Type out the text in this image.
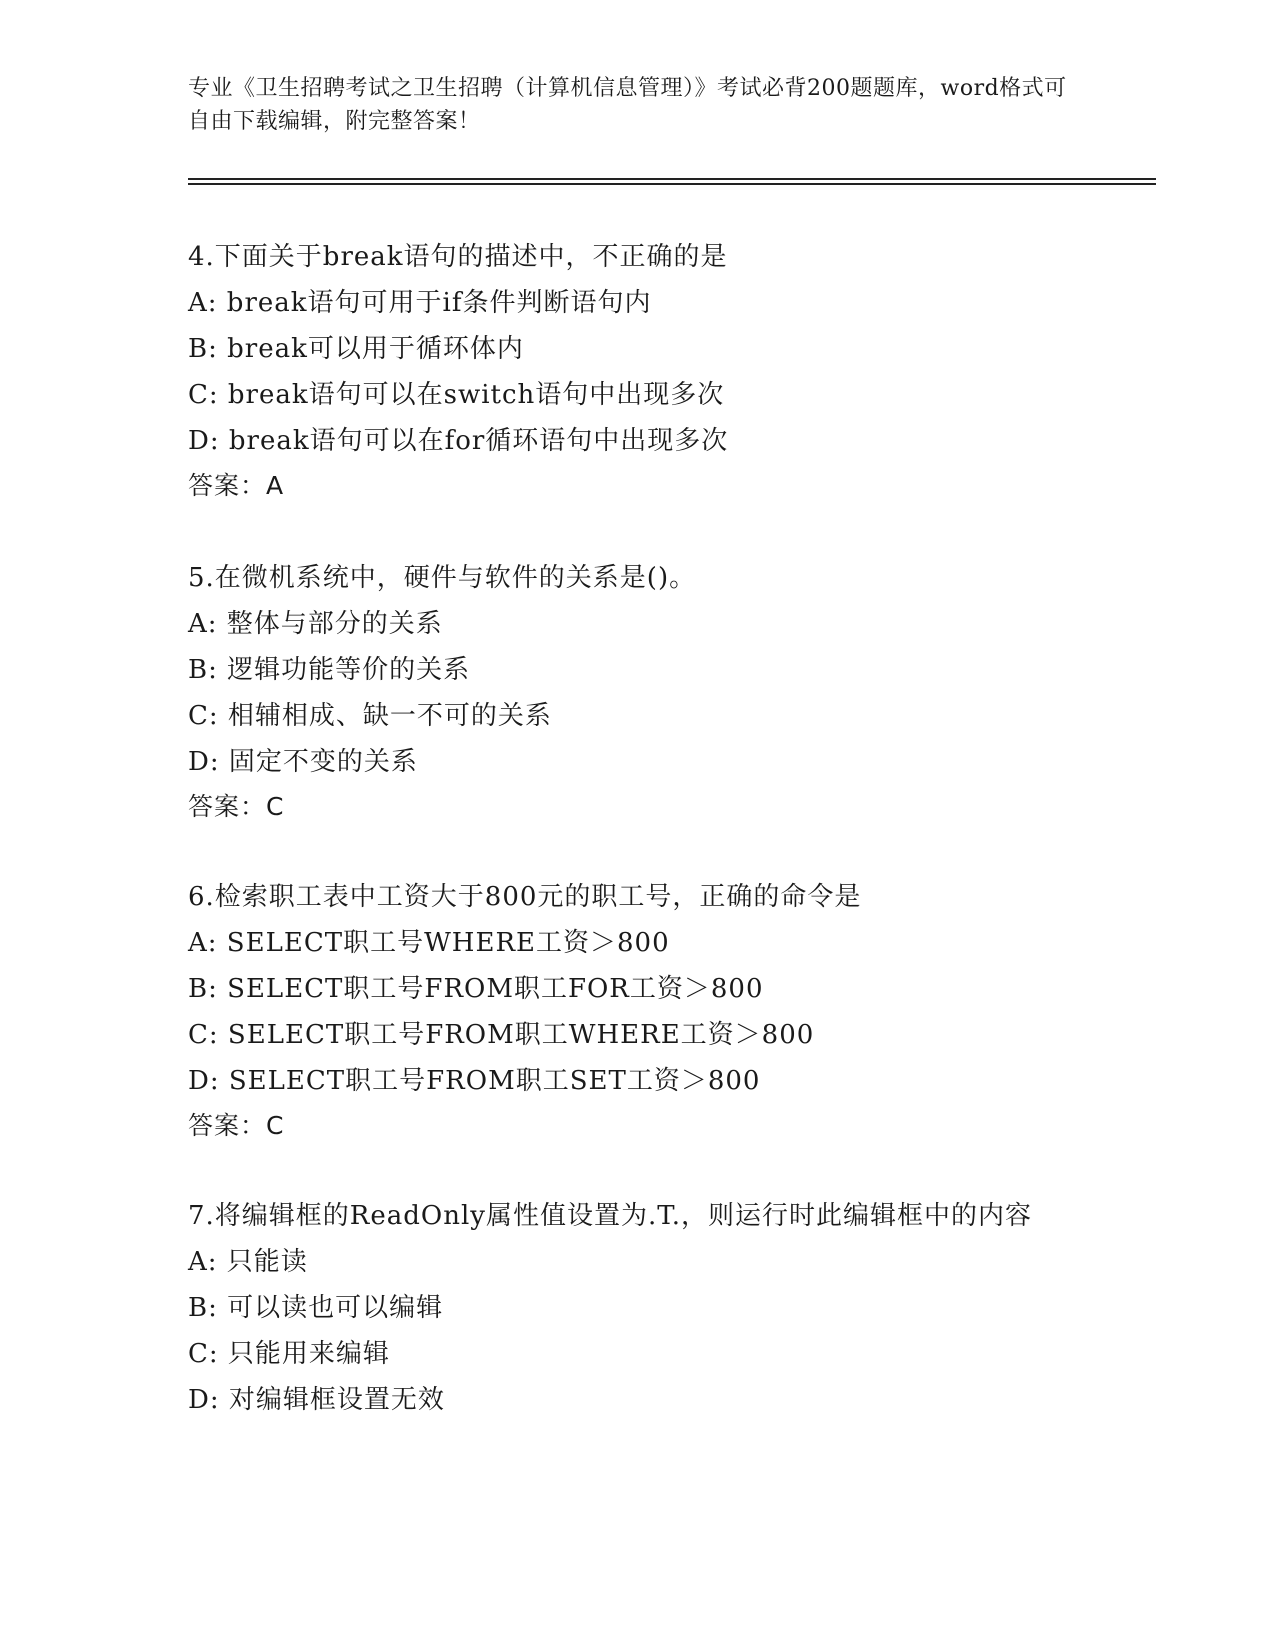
专业《卫生招聘考试之卫生招聘（计算机信息管理）》考试必背200题题库，word格式可自由下载编辑，附完整答案！
4.下面关于break语句的描述中，不正确的是
A: break语句可用于if条件判断语句内
B: break可以用于循环体内
C: break语句可以在switch语句中出现多次
D: break语句可以在for循环语句中出现多次
答案：A
5.在微机系统中，硬件与软件的关系是()。
A: 整体与部分的关系
B: 逻辑功能等价的关系
C: 相辅相成、缺一不可的关系
D: 固定不变的关系
答案：C
6.检索职工表中工资大于800元的职工号，正确的命令是
A: SELECT职工号WHERE工资＞800
B: SELECT职工号FROM职工FOR工资＞800
C: SELECT职工号FROM职工WHERE工资＞800
D: SELECT职工号FROM职工SET工资＞800
答案：C
7.将编辑框的ReadOnly属性值设置为.T.，则运行时此编辑框中的内容
A: 只能读
B: 可以读也可以编辑
C: 只能用来编辑
D: 对编辑框设置无效
